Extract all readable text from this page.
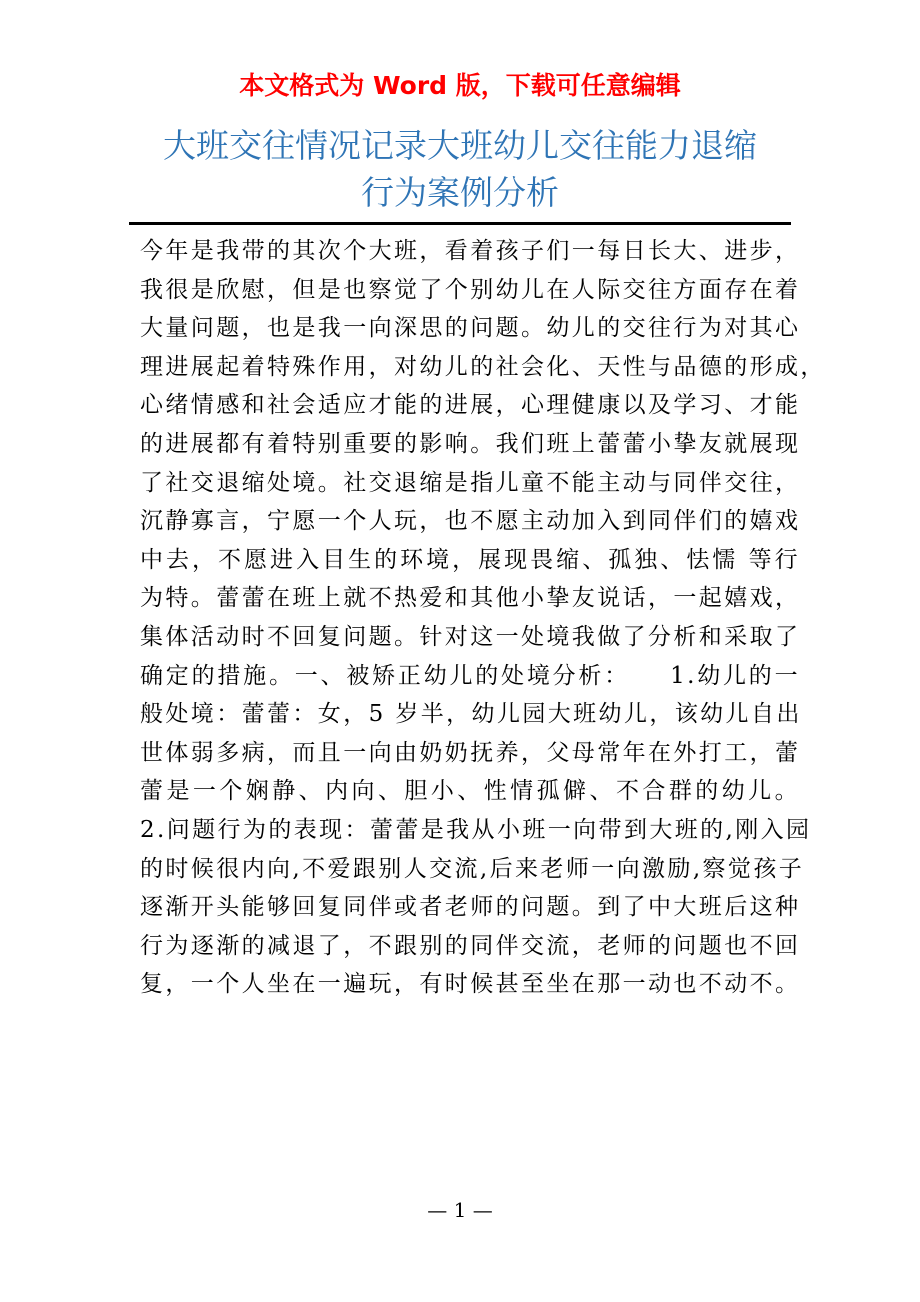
本文格式为 Word 版，下载可任意编辑
大班交往情况记录大班幼儿交往能力退缩
行为案例分析
今年是我带的其次个大班，看着孩子们一每日长大、进步，
我很是欣慰，但是也察觉了个别幼儿在人际交往方面存在着
大量问题，也是我一向深思的问题。幼儿的交往行为对其心
理进展起着特殊作用，对幼儿的社会化、天性与品德的形成，
心绪情感和社会适应才能的进展，心理健康以及学习、才能
的进展都有着特别重要的影响。我们班上蕾蕾小挚友就展现
了社交退缩处境。社交退缩是指儿童不能主动与同伴交往，
沉静寡言，宁愿一个人玩，也不愿主动加入到同伴们的嬉戏
中去，不愿进入目生的环境，展现畏缩、孤独、怯懦 等行
为特。蕾蕾在班上就不热爱和其他小挚友说话，一起嬉戏，
集体活动时不回复问题。针对这一处境我做了分析和采取了
确定的措施。一、被矫正幼儿的处境分析：　　1.幼儿的一
般处境：蕾蕾：女，5 岁半，幼儿园大班幼儿，该幼儿自出
世体弱多病，而且一向由奶奶抚养，父母常年在外打工，蕾
蕾是一个娴静、内向、胆小、性情孤僻、不合群的幼儿。
2.问题行为的表现：蕾蕾是我从小班一向带到大班的,刚入园
的时候很内向,不爱跟别人交流,后来老师一向激励,察觉孩子
逐渐开头能够回复同伴或者老师的问题。到了中大班后这种
行为逐渐的减退了，不跟别的同伴交流，老师的问题也不回
复，一个人坐在一遍玩，有时候甚至坐在那一动也不动不。
— 1 —
